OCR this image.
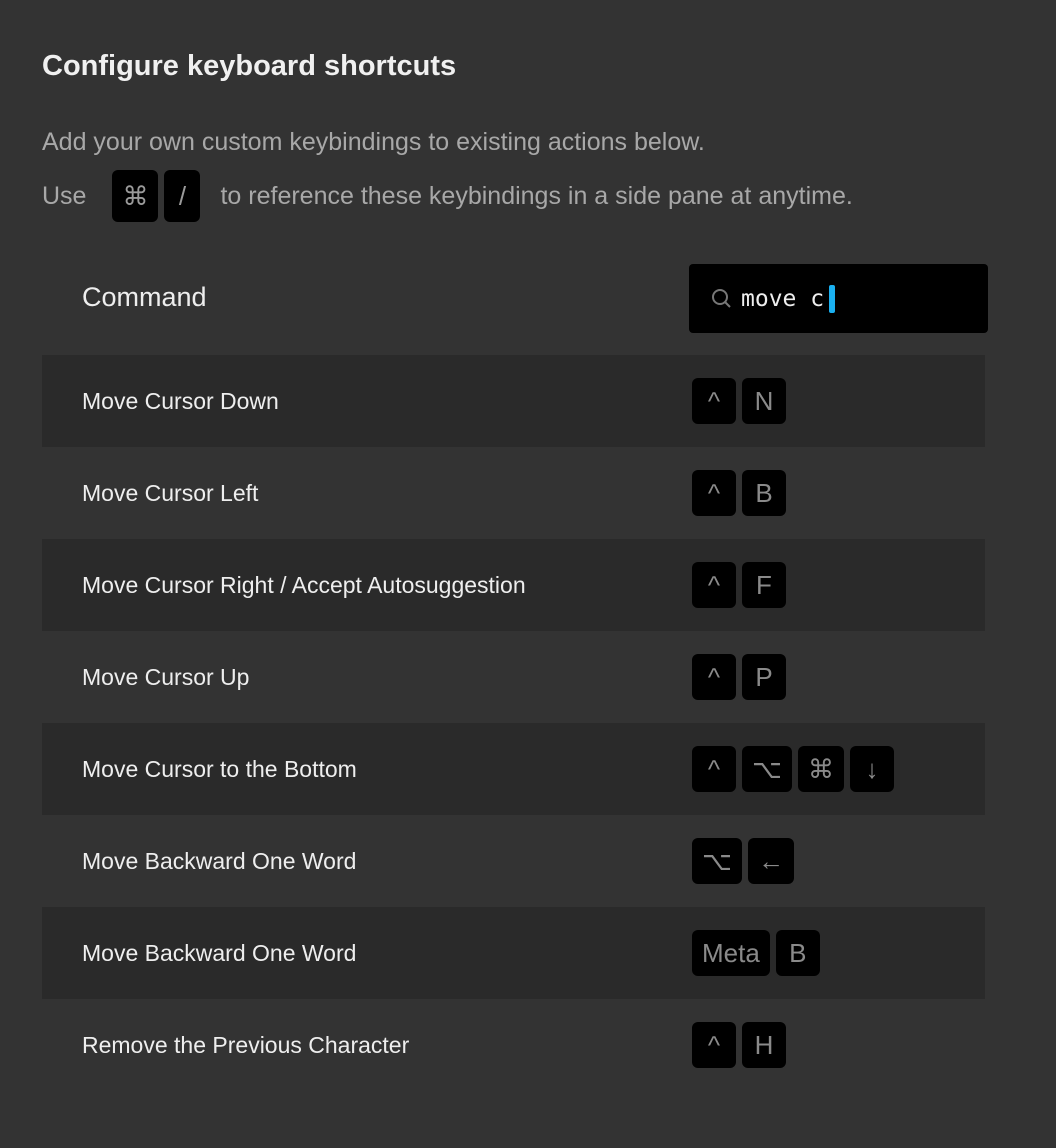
Configure keyboard shortcuts
Add your own custom keybindings to existing actions below.
Use	⌘	/	to reference these keybindings in a side pane at anytime.
Command
move c
Move Cursor Down	^	N
Move Cursor Left	^	B
Move Cursor Right / Accept Autosuggestion	^	F
Move Cursor Up	^	P
Move Cursor to the Bottom	^	⌥	⌘	↓
Move Backward One Word	⌥	←
Move Backward One Word	Meta	B
Remove the Previous Character	^	H
